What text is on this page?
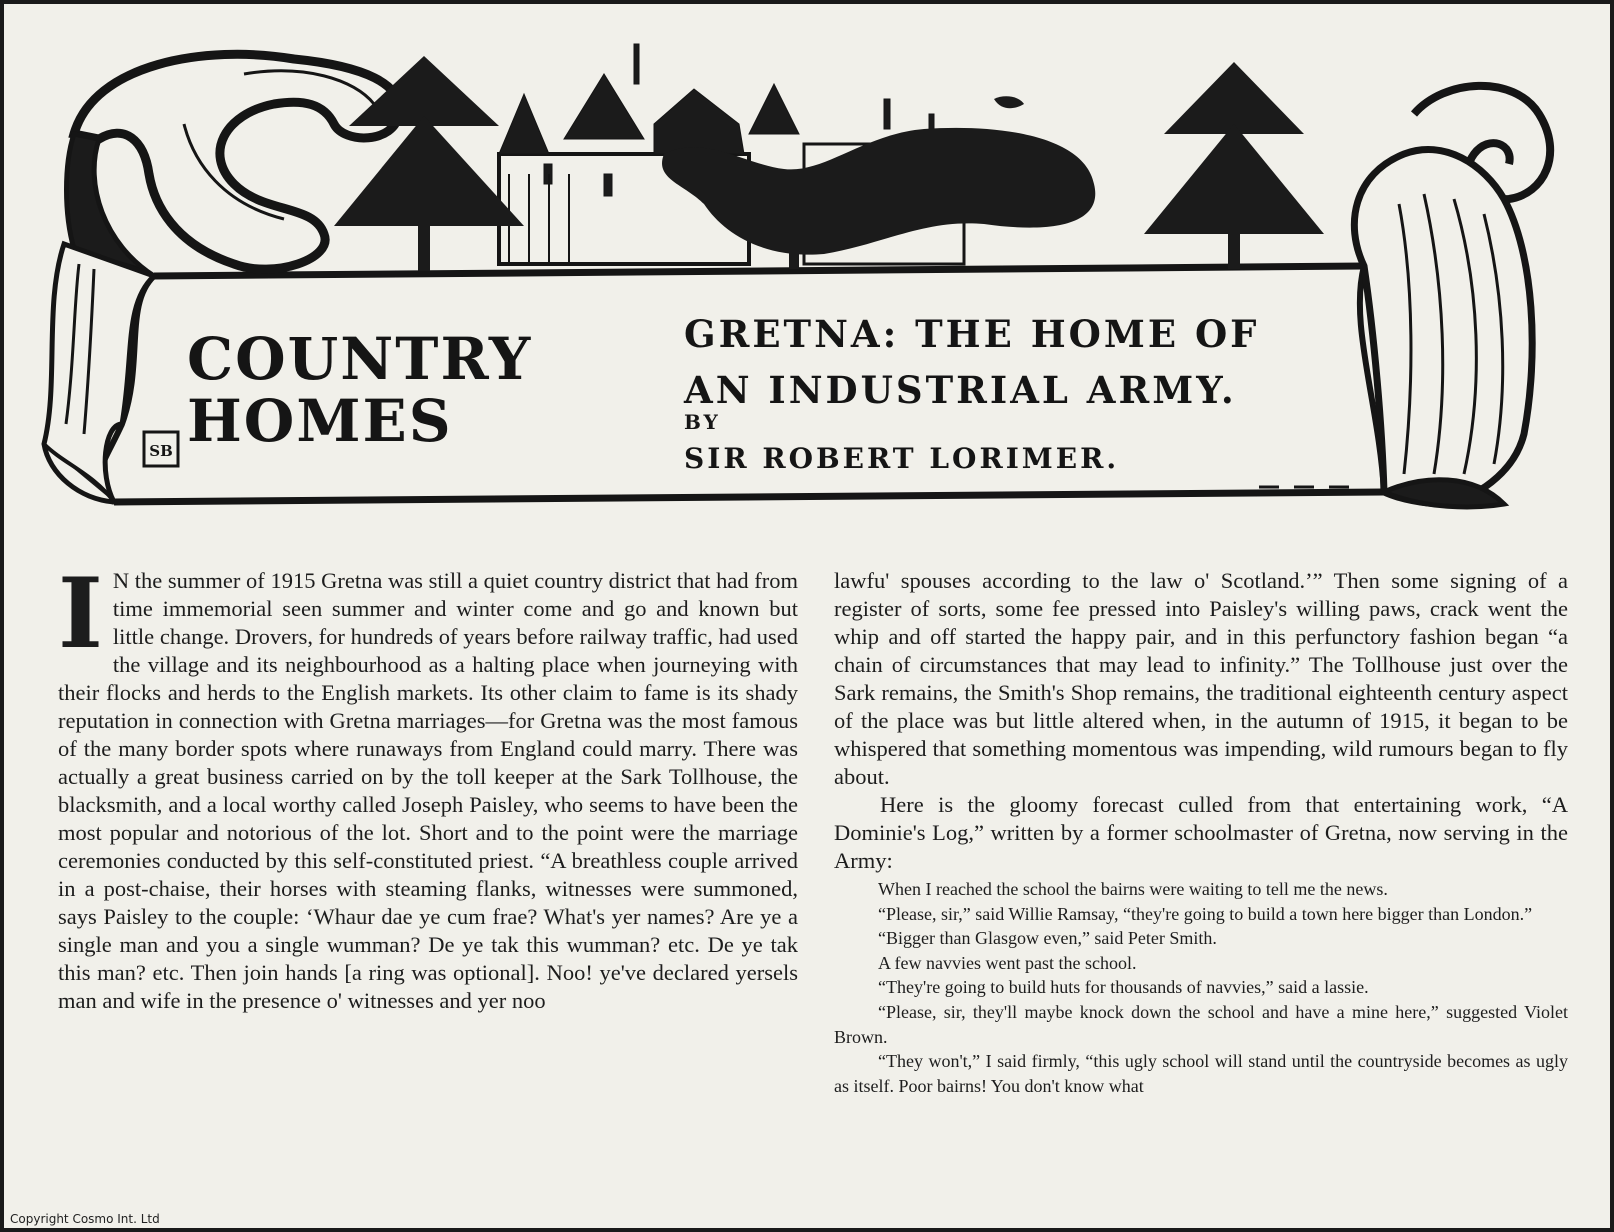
SB
COUNTRY
HOMES
GRETNA: THE HOME OF
AN INDUSTRIAL ARMY.
BY
SIR ROBERT LORIMER.

I N the summer of 1915 Gretna was still a quiet country district that had from time immemorial seen summer and winter come and go and known but little change. Drovers, for hundreds of years before railway traffic, had used the village and its neighbourhood as a halting place when journeying with their flocks and herds to the English markets. Its other claim to fame is its shady reputation in connection with Gretna marriages—for Gretna was the most famous of the many border spots where runaways from England could marry. There was actually a great business carried on by the toll keeper at the Sark Tollhouse, the blacksmith, and a local worthy called Joseph Paisley, who seems to have been the most popular and notorious of the lot. Short and to the point were the marriage ceremonies conducted by this self-constituted priest. “A breathless couple arrived in a post-chaise, their horses with steaming flanks, witnesses were summoned, says Paisley to the couple: ‘Whaur dae ye cum frae? What's yer names? Are ye a single man and you a single wumman? De ye tak this wumman? etc. De ye tak this man? etc. Then join hands [a ring was optional]. Noo! ye've declared yersels man and wife in the presence o' witnesses and yer noo

lawfu' spouses according to the law o' Scotland.’” Then some signing of a register of sorts, some fee pressed into Paisley's willing paws, crack went the whip and off started the happy pair, and in this perfunctory fashion began “a chain of circumstances that may lead to infinity.” The Tollhouse just over the Sark remains, the Smith's Shop remains, the traditional eighteenth century aspect of the place was but little altered when, in the autumn of 1915, it began to be whispered that something momentous was impending, wild rumours began to fly about.

Here is the gloomy forecast culled from that entertaining work, “A Dominie's Log,” written by a former schoolmaster of Gretna, now serving in the Army:

When I reached the school the bairns were waiting to tell me the news.

“Please, sir,” said Willie Ramsay, “they're going to build a town here bigger than London.”

“Bigger than Glasgow even,” said Peter Smith.

A few navvies went past the school.

“They're going to build huts for thousands of navvies,” said a lassie.

“Please, sir, they'll maybe knock down the school and have a mine here,” suggested Violet Brown.

“They won't,” I said firmly, “this ugly school will stand until the countryside becomes as ugly as itself. Poor bairns! You don't know what

Copyright Cosmo Int. Ltd
